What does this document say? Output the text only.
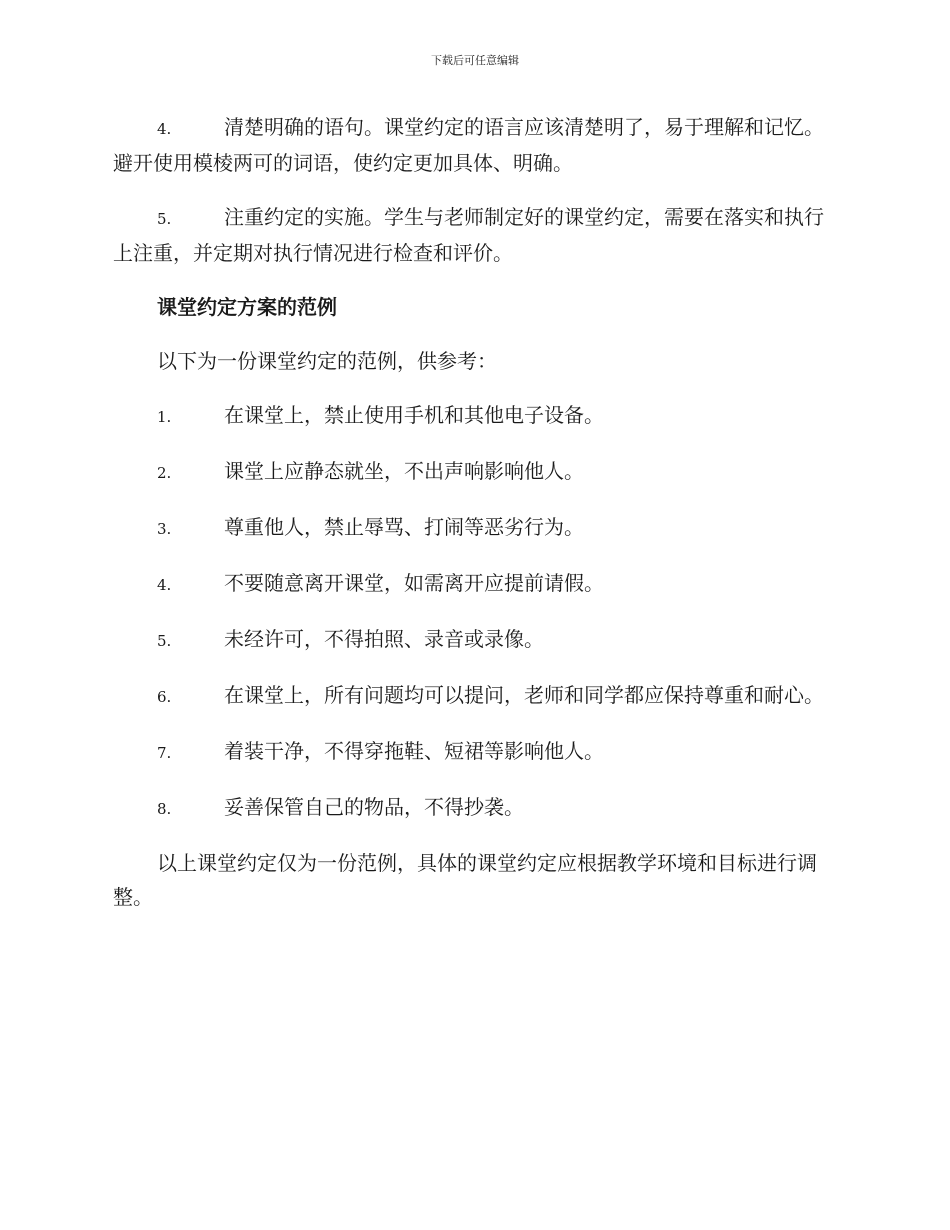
下载后可任意编辑
4.	清楚明确的语句。课堂约定的语言应该清楚明了，易于理解和记忆。避开使用模棱两可的词语，使约定更加具体、明确。
5.	注重约定的实施。学生与老师制定好的课堂约定，需要在落实和执行上注重，并定期对执行情况进行检查和评价。
课堂约定方案的范例
以下为一份课堂约定的范例，供参考：
1.	在课堂上，禁止使用手机和其他电子设备。
2.	课堂上应静态就坐，不出声响影响他人。
3.	尊重他人，禁止辱骂、打闹等恶劣行为。
4.	不要随意离开课堂，如需离开应提前请假。
5.	未经许可，不得拍照、录音或录像。
6.	在课堂上，所有问题均可以提问，老师和同学都应保持尊重和耐心。
7.	着装干净，不得穿拖鞋、短裙等影响他人。
8.	妥善保管自己的物品，不得抄袭。
以上课堂约定仅为一份范例，具体的课堂约定应根据教学环境和目标进行调整。
